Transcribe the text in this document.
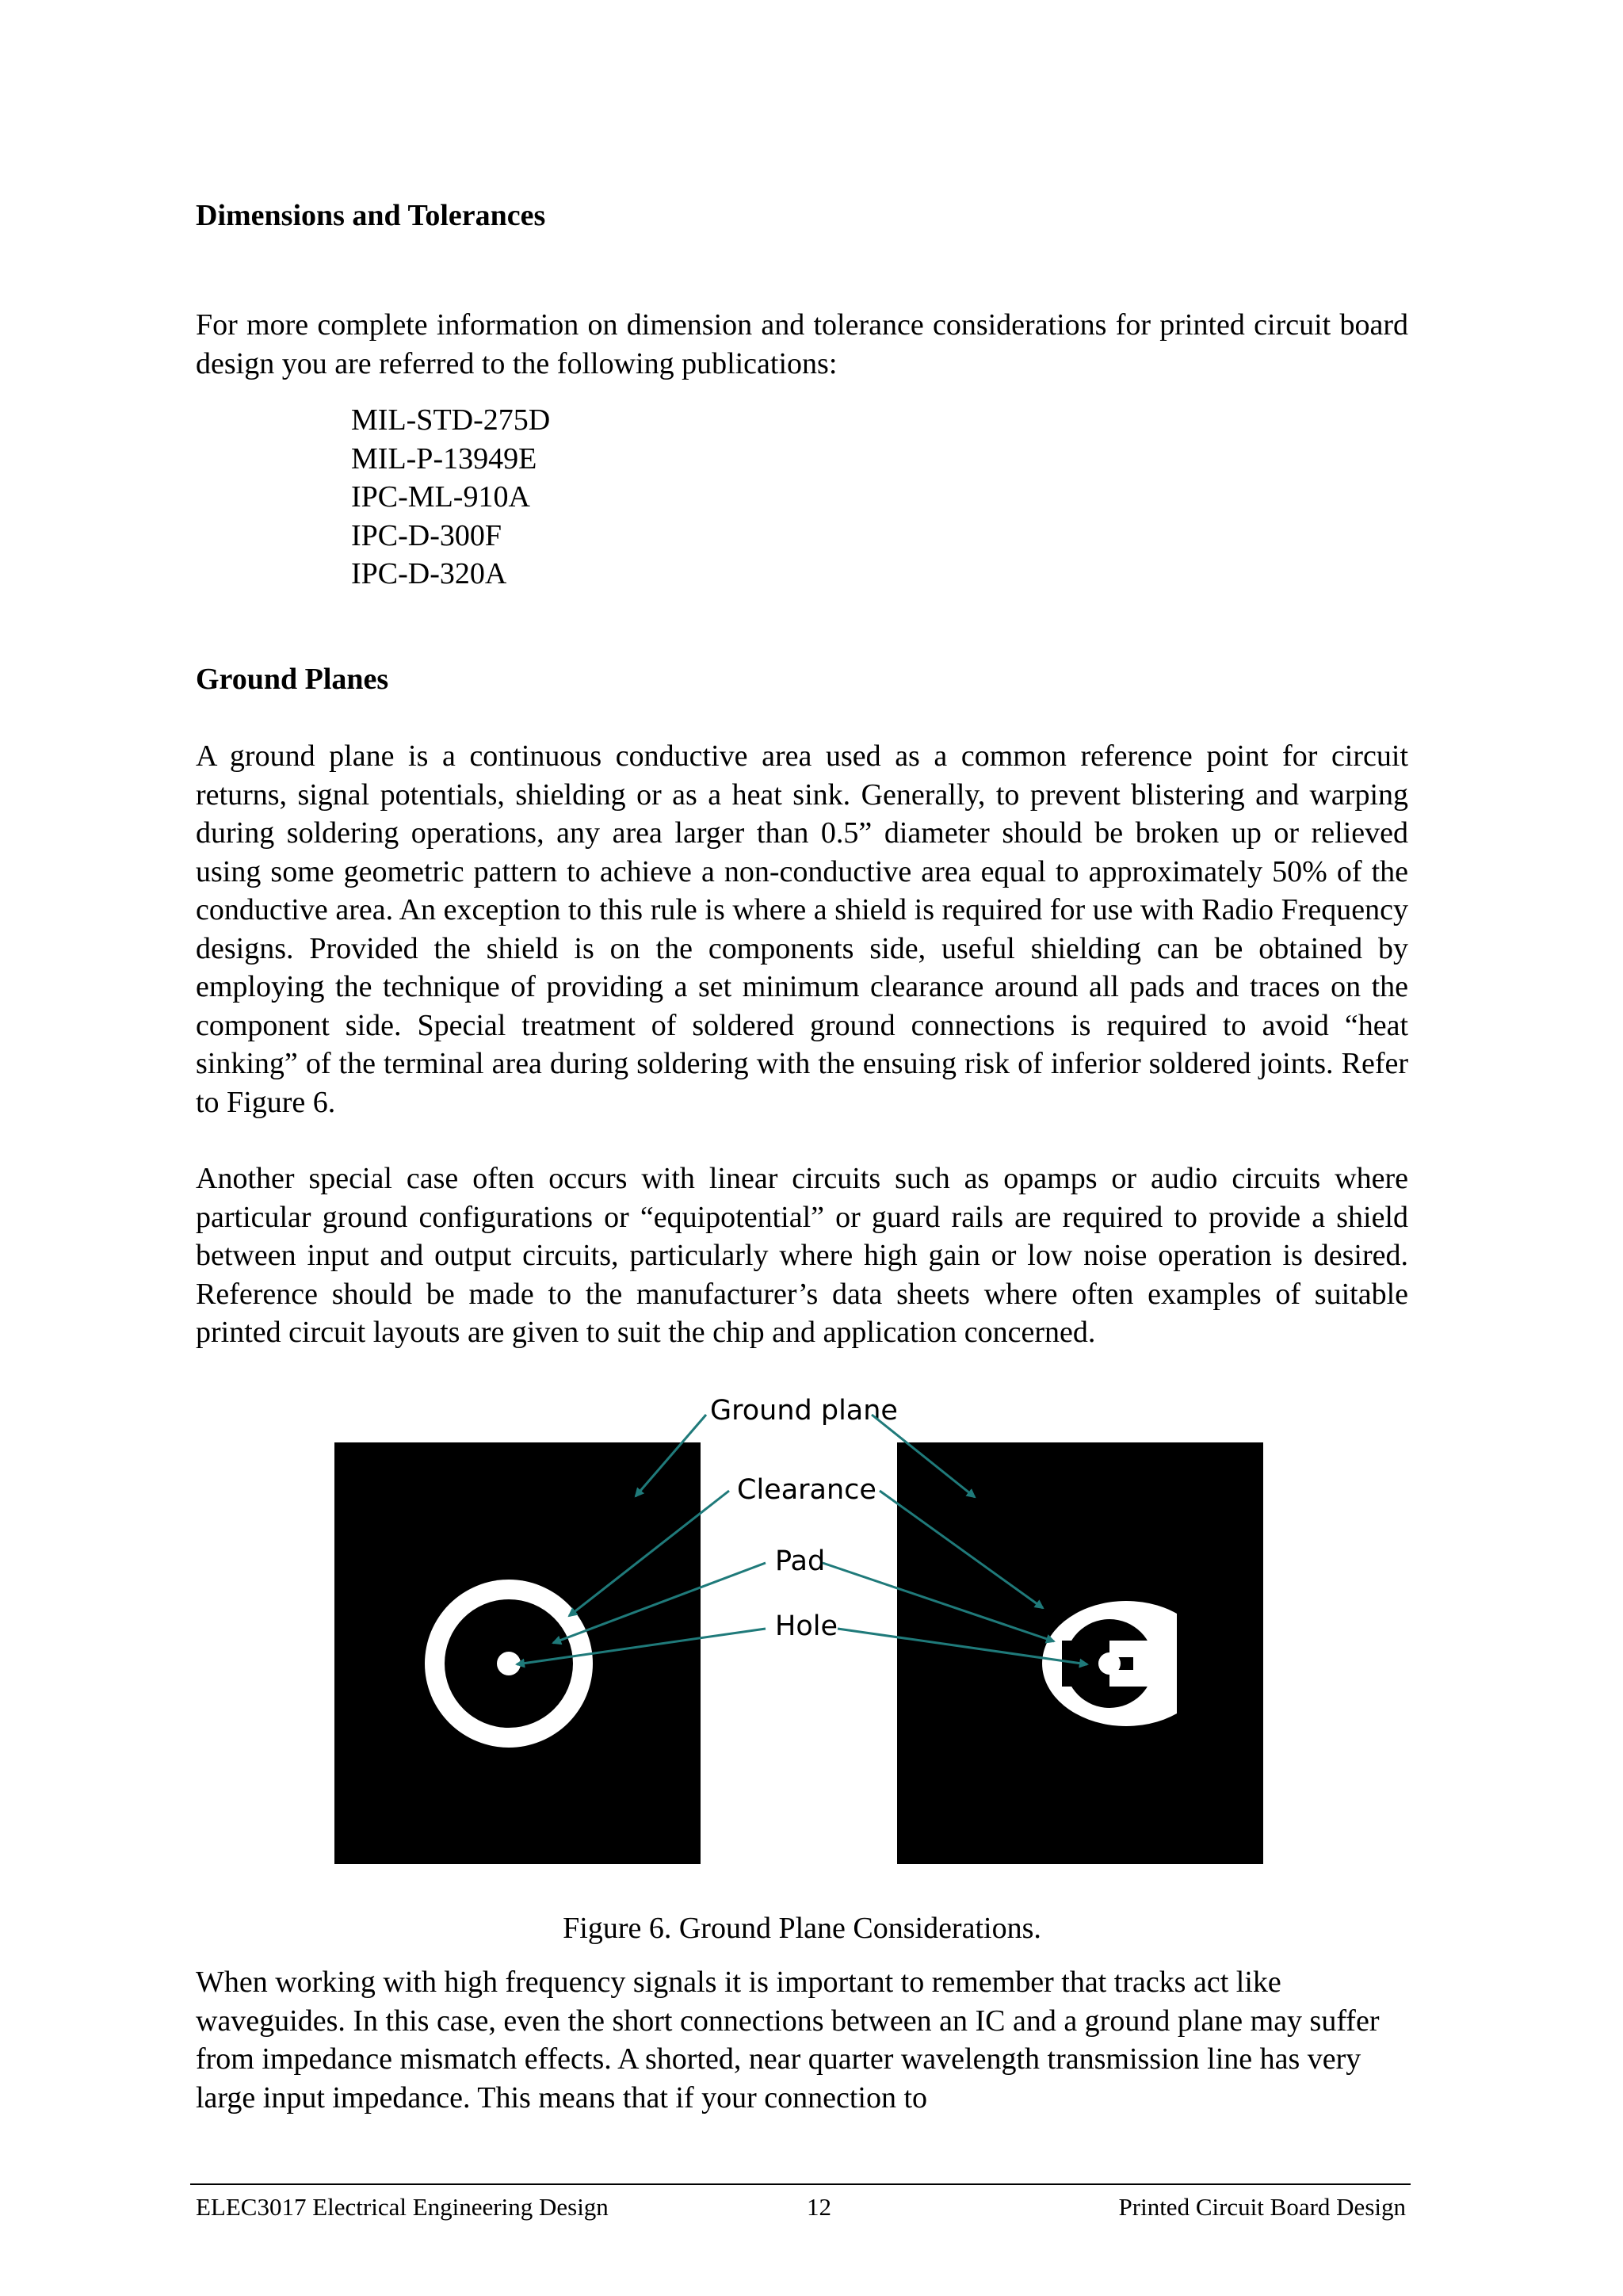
Dimensions and Tolerances
For more complete information on dimension and tolerance considerations for printed circuit board design you are referred to the following publications:
MIL-STD-275D
MIL-P-13949E
IPC-ML-910A
IPC-D-300F
IPC-D-320A
Ground Planes
A ground plane is a continuous conductive area used as a common reference point for circuit returns, signal potentials, shielding or as a heat sink. Generally, to prevent blistering and warping during soldering operations, any area larger than 0.5” diameter should be broken up or relieved using some geometric pattern to achieve a non-conductive area equal to approximately 50% of the conductive area. An exception to this rule is where a shield is required for use with Radio Frequency designs. Provided the shield is on the components side, useful shielding can be obtained by employing the technique of providing a set minimum clearance around all pads and traces on the component side. Special treatment of soldered ground connections is required to avoid “heat sinking” of the terminal area during soldering with the ensuing risk of inferior soldered joints. Refer to Figure 6.
Another special case often occurs with linear circuits such as opamps or audio circuits where particular ground configurations or “equipotential” or guard rails are required to provide a shield between input and output circuits, particularly where high gain or low noise operation is desired. Reference should be made to the manufacturer’s data sheets where often examples of suitable printed circuit layouts are given to suit the chip and application concerned.
Ground plane
Clearance
Pad
Hole
Figure 6. Ground Plane Considerations.
When working with high frequency signals it is important to remember that tracks act like waveguides. In this case, even the short connections between an IC and a ground plane may suffer from impedance mismatch effects. A shorted, near quarter wavelength transmission line has very large input impedance. This means that if your connection to
ELEC3017 Electrical Engineering Design	12	Printed Circuit Board Design
